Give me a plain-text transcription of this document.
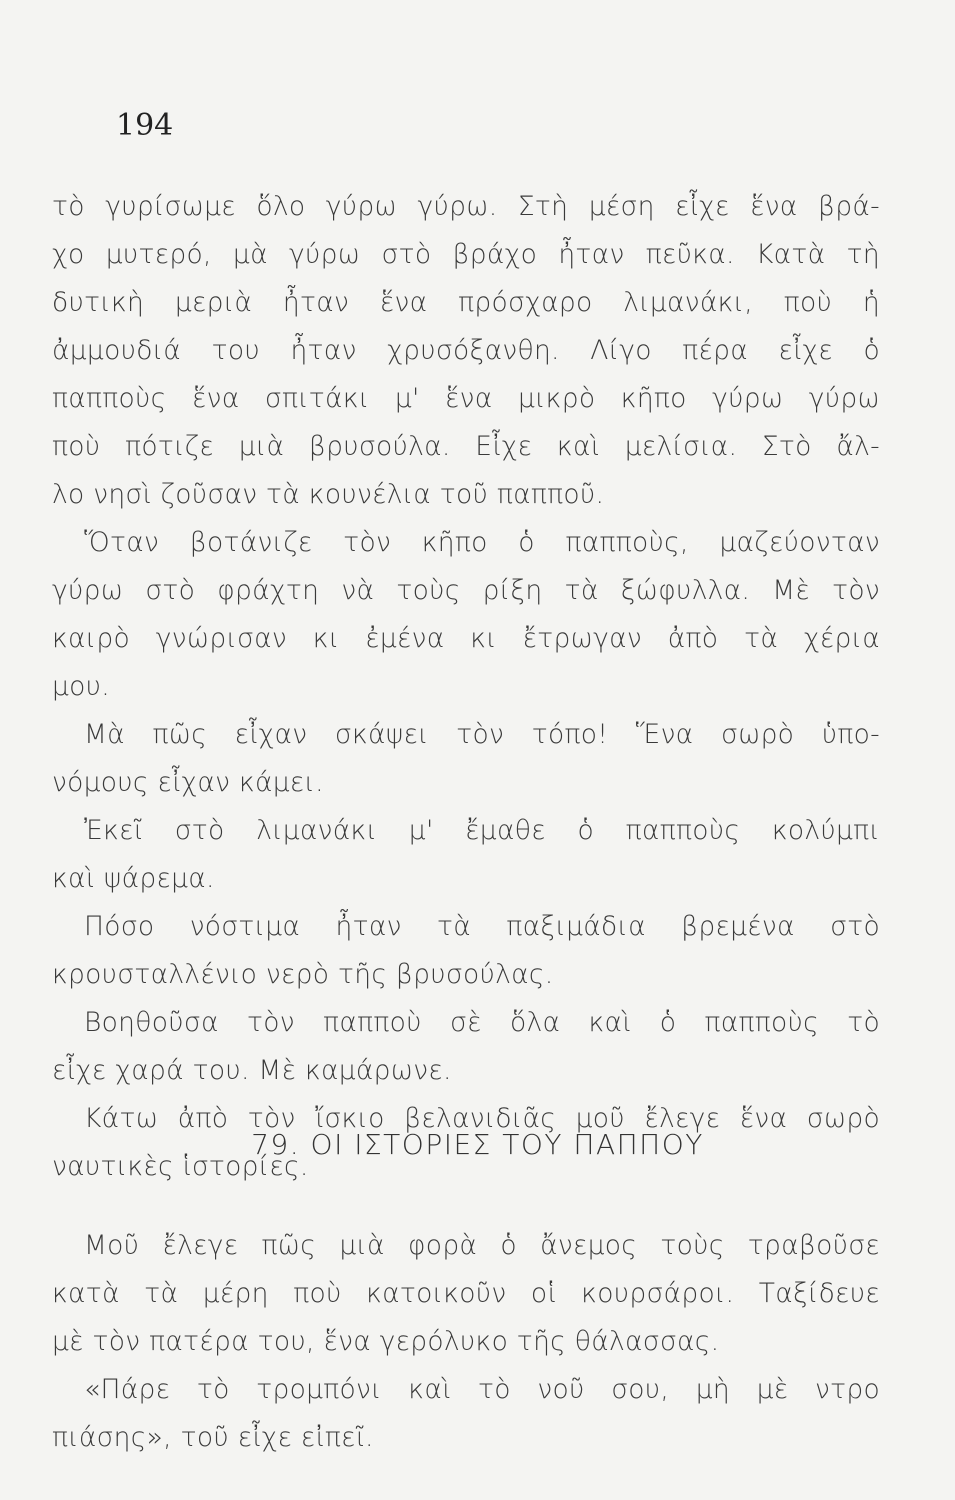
194
τὸ γυρίσωμε ὅλο γύρω γύρω. Στὴ μέση εἶχε ἕνα βρά-
χο μυτερό, μὰ γύρω στὸ βράχο ἦταν πεῦκα. Κατὰ τὴ
δυτικὴ μεριὰ ἦταν ἕνα πρόσχαρο λιμανάκι, ποὺ ἡ
ἀμμουδιά του ἦταν χρυσόξανθη. Λίγο πέρα εἶχε ὁ
παπποὺς ἕνα σπιτάκι μ' ἕνα μικρὸ κῆπο γύρω γύρω
ποὺ πότιζε μιὰ βρυσούλα. Εἶχε καὶ μελίσια. Στὸ ἄλ-
λο νησὶ ζοῦσαν τὰ κουνέλια τοῦ παπποῦ.
Ὅταν βοτάνιζε τὸν κῆπο ὁ παπποὺς, μαζεύονταν
γύρω στὸ φράχτη νὰ τοὺς ρίξη τὰ ξώφυλλα. Μὲ τὸν
καιρὸ γνώρισαν κι ἐμένα κι ἔτρωγαν ἀπὸ τὰ χέρια
μου.
Μὰ πῶς εἶχαν σκάψει τὸν τόπο! Ἕνα σωρὸ ὑπο-
νόμους εἶχαν κάμει.
Ἐκεῖ στὸ λιμανάκι μ' ἔμαθε ὁ παπποὺς κολύμπι
καὶ ψάρεμα.
Πόσο νόστιμα ἦταν τὰ παξιμάδια βρεμένα στὸ
κρουσταλλένιο νερὸ τῆς βρυσούλας.
Βοηθοῦσα τὸν παπποὺ σὲ ὅλα καὶ ὁ παπποὺς τὸ
εἶχε χαρά του. Μὲ καμάρωνε.
Κάτω ἀπὸ τὸν ἴσκιο βελανιδιᾶς μοῦ ἔλεγε ἕνα σωρὸ
ναυτικὲς ἱστορίες.
79. ΟΙ ΙΣΤΟΡΙΕΣ ΤΟΥ ΠΑΠΠΟΥ
Μοῦ ἔλεγε πῶς μιὰ φορὰ ὁ ἄνεμος τοὺς τραβοῦσε
κατὰ τὰ μέρη ποὺ κατοικοῦν οἱ κουρσάροι. Ταξίδευε
μὲ τὸν πατέρα του, ἕνα γερόλυκο τῆς θάλασσας.
«Πάρε τὸ τρομπόνι καὶ τὸ νοῦ σου, μὴ μὲ ντρο
πιάσης», τοῦ εἶχε εἰπεῖ.
